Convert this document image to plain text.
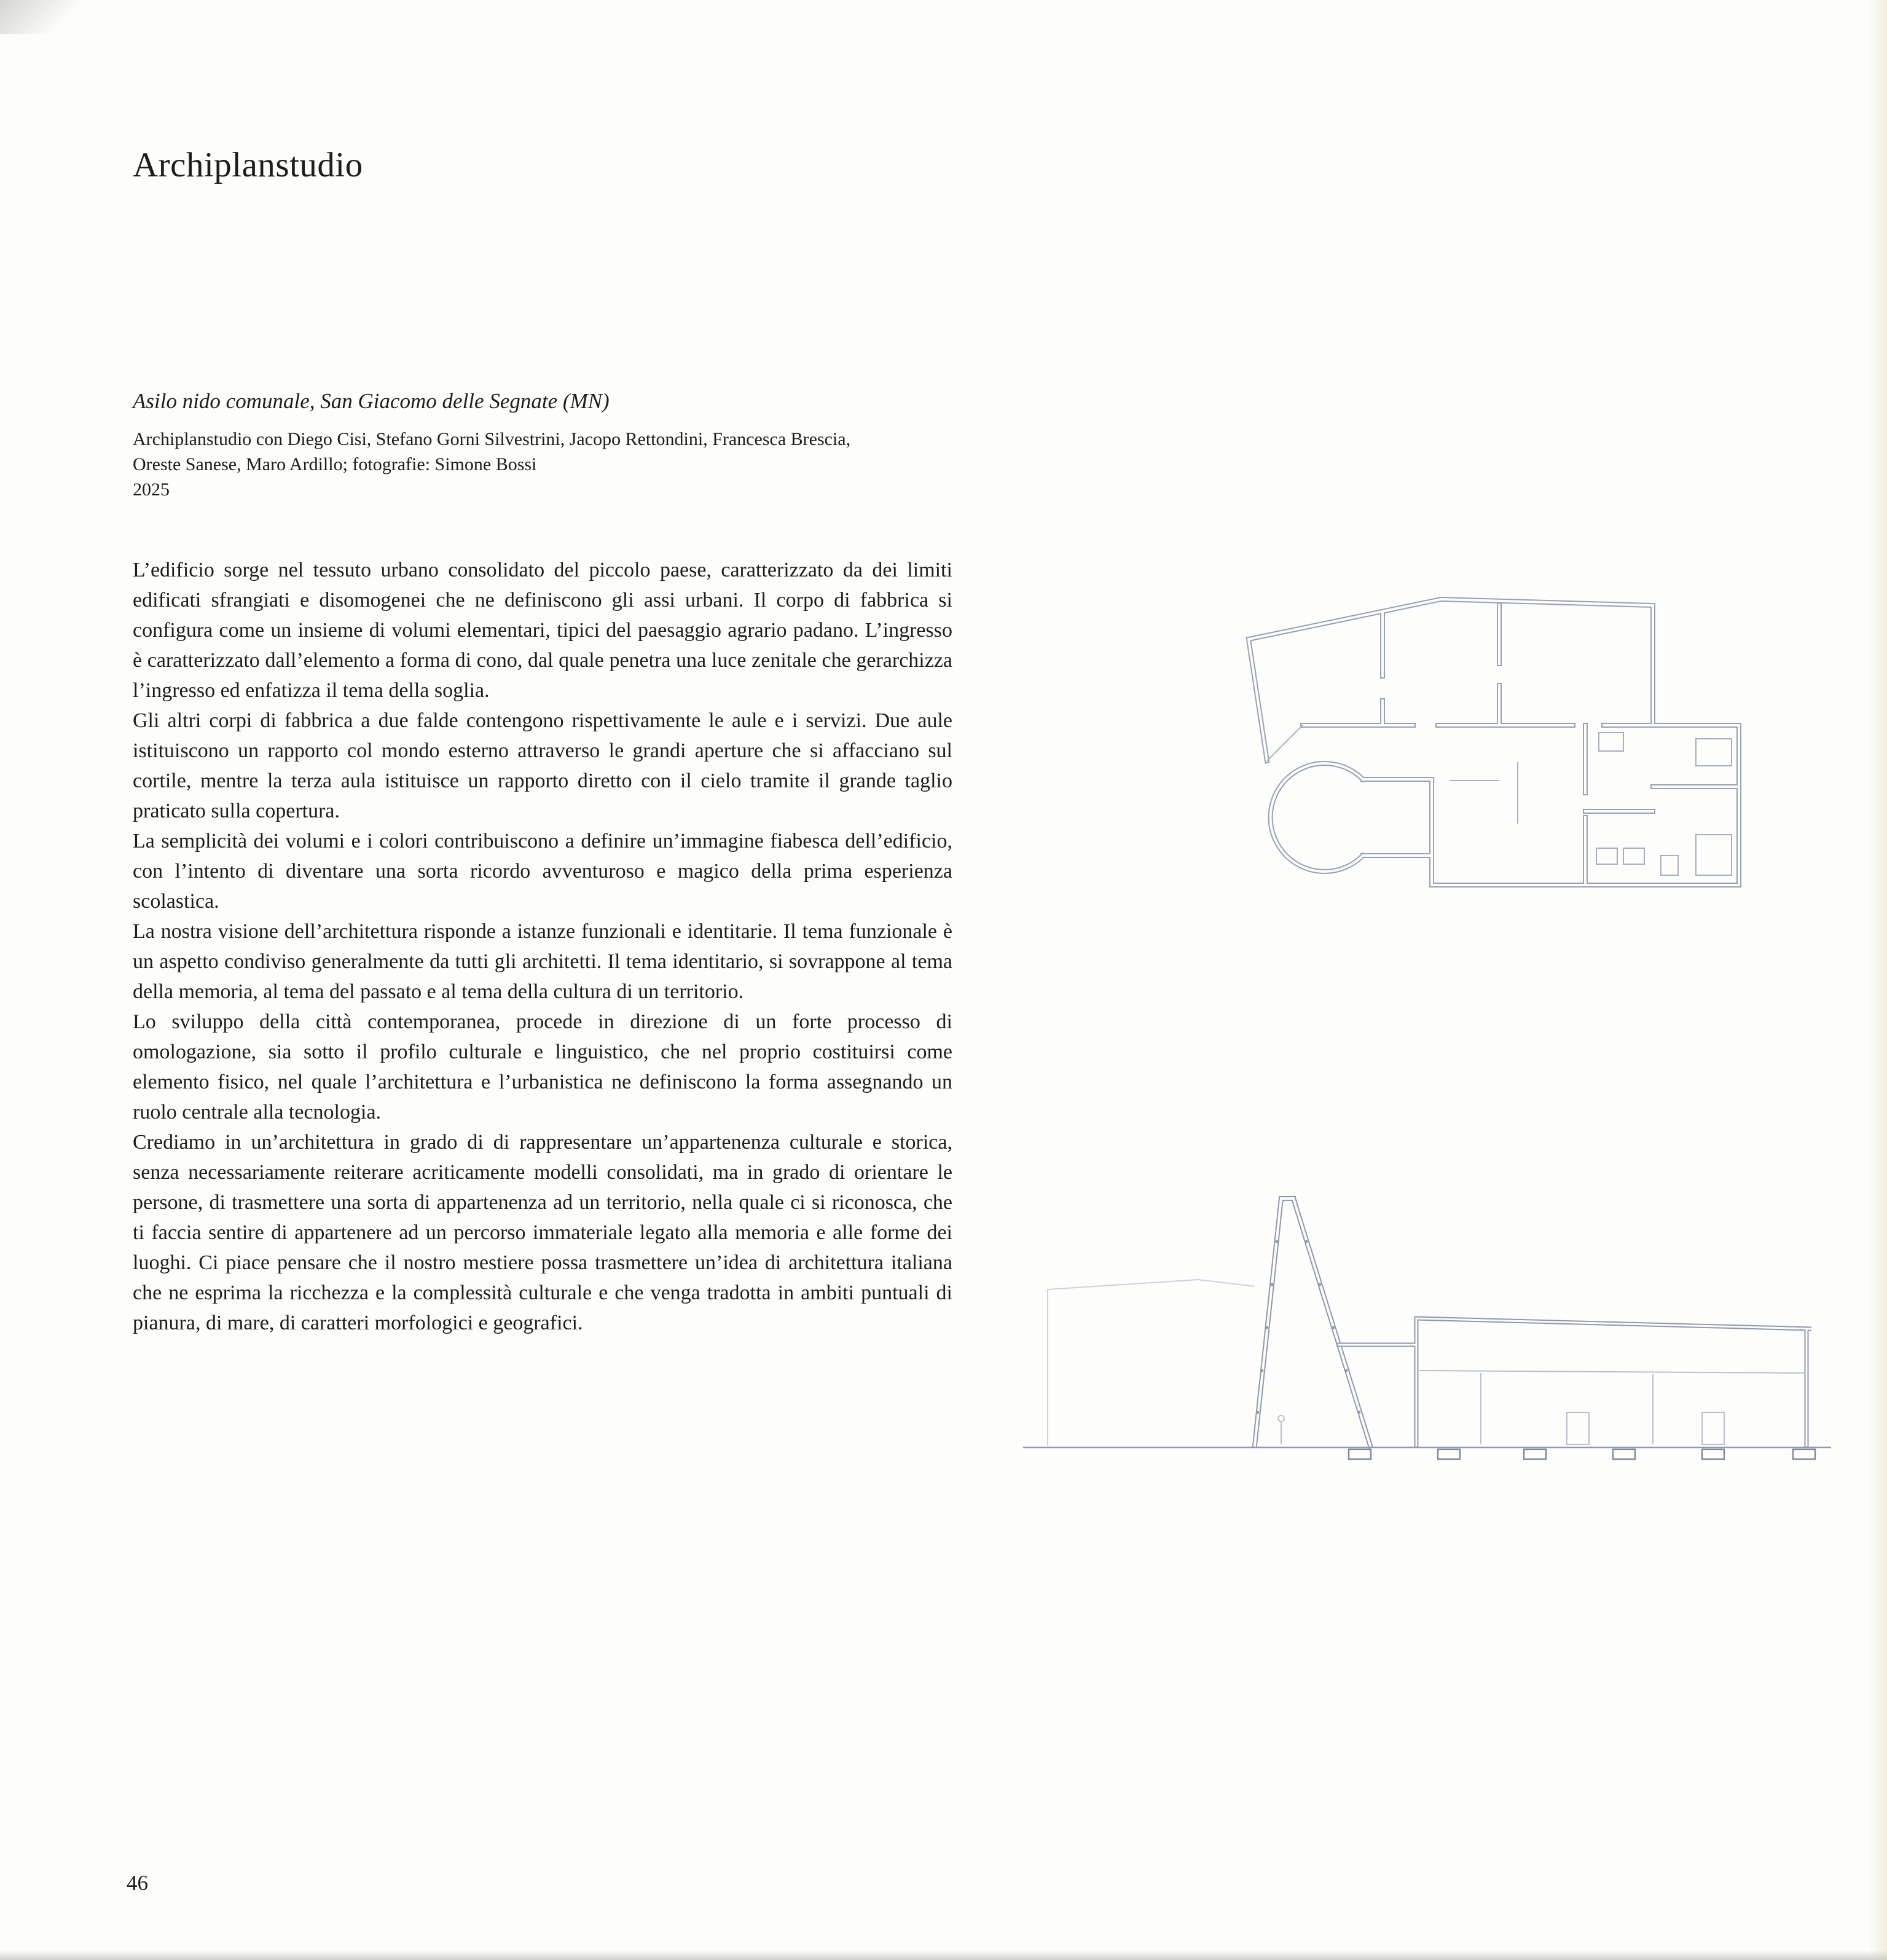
Archiplanstudio

Asilo nido comunale, San Giacomo delle Segnate (MN)

Archiplanstudio con Diego Cisi, Stefano Gorni Silvestrini, Jacopo Rettondini, Francesca Brescia,
Oreste Sanese, Maro Ardillo; fotografie: Simone Bossi
2025

L’edificio sorge nel tessuto urbano consolidato del piccolo paese, caratterizzato da dei limiti edificati sfrangiati e disomogenei che ne definiscono gli assi urbani. Il corpo di fabbrica si configura come un insieme di volumi elementari, tipici del paesaggio agrario padano. L’ingresso è caratterizzato dall’elemento a forma di cono, dal quale penetra una luce zenitale che gerarchizza l’ingresso ed enfatizza il tema della soglia.

Gli altri corpi di fabbrica a due falde contengono rispettivamente le aule e i servizi. Due aule istituiscono un rapporto col mondo esterno attraverso le grandi aperture che si affacciano sul cortile, mentre la terza aula istituisce un rapporto diretto con il cielo tramite il grande taglio praticato sulla copertura.

La semplicità dei volumi e i colori contribuiscono a definire un’immagine fiabesca dell’edificio, con l’intento di diventare una sorta ricordo avventuroso e magico della prima esperienza scolastica.

La nostra visione dell’architettura risponde a istanze funzionali e identitarie. Il tema funzionale è un aspetto condiviso generalmente da tutti gli architetti. Il tema identitario, si sovrappone al tema della memoria, al tema del passato e al tema della cultura di un territorio.

Lo sviluppo della città contemporanea, procede in direzione di un forte processo di omologazione, sia sotto il profilo culturale e linguistico, che nel proprio costituirsi come elemento fisico, nel quale l’architettura e l’urbanistica ne definiscono la forma assegnando un ruolo centrale alla tecnologia.

Crediamo in un’architettura in grado di di rappresentare un’appartenenza culturale e storica, senza necessariamente reiterare acriticamente modelli consolidati, ma in grado di orientare le persone, di trasmettere una sorta di appartenenza ad un territorio, nella quale ci si riconosca, che ti faccia sentire di appartenere ad un percorso immateriale legato alla memoria e alle forme dei luoghi. Ci piace pensare che il nostro mestiere possa trasmettere un’idea di architettura italiana che ne esprima la ricchezza e la complessità culturale e che venga tradotta in ambiti puntuali di pianura, di mare, di caratteri morfologici e geografici.

46
